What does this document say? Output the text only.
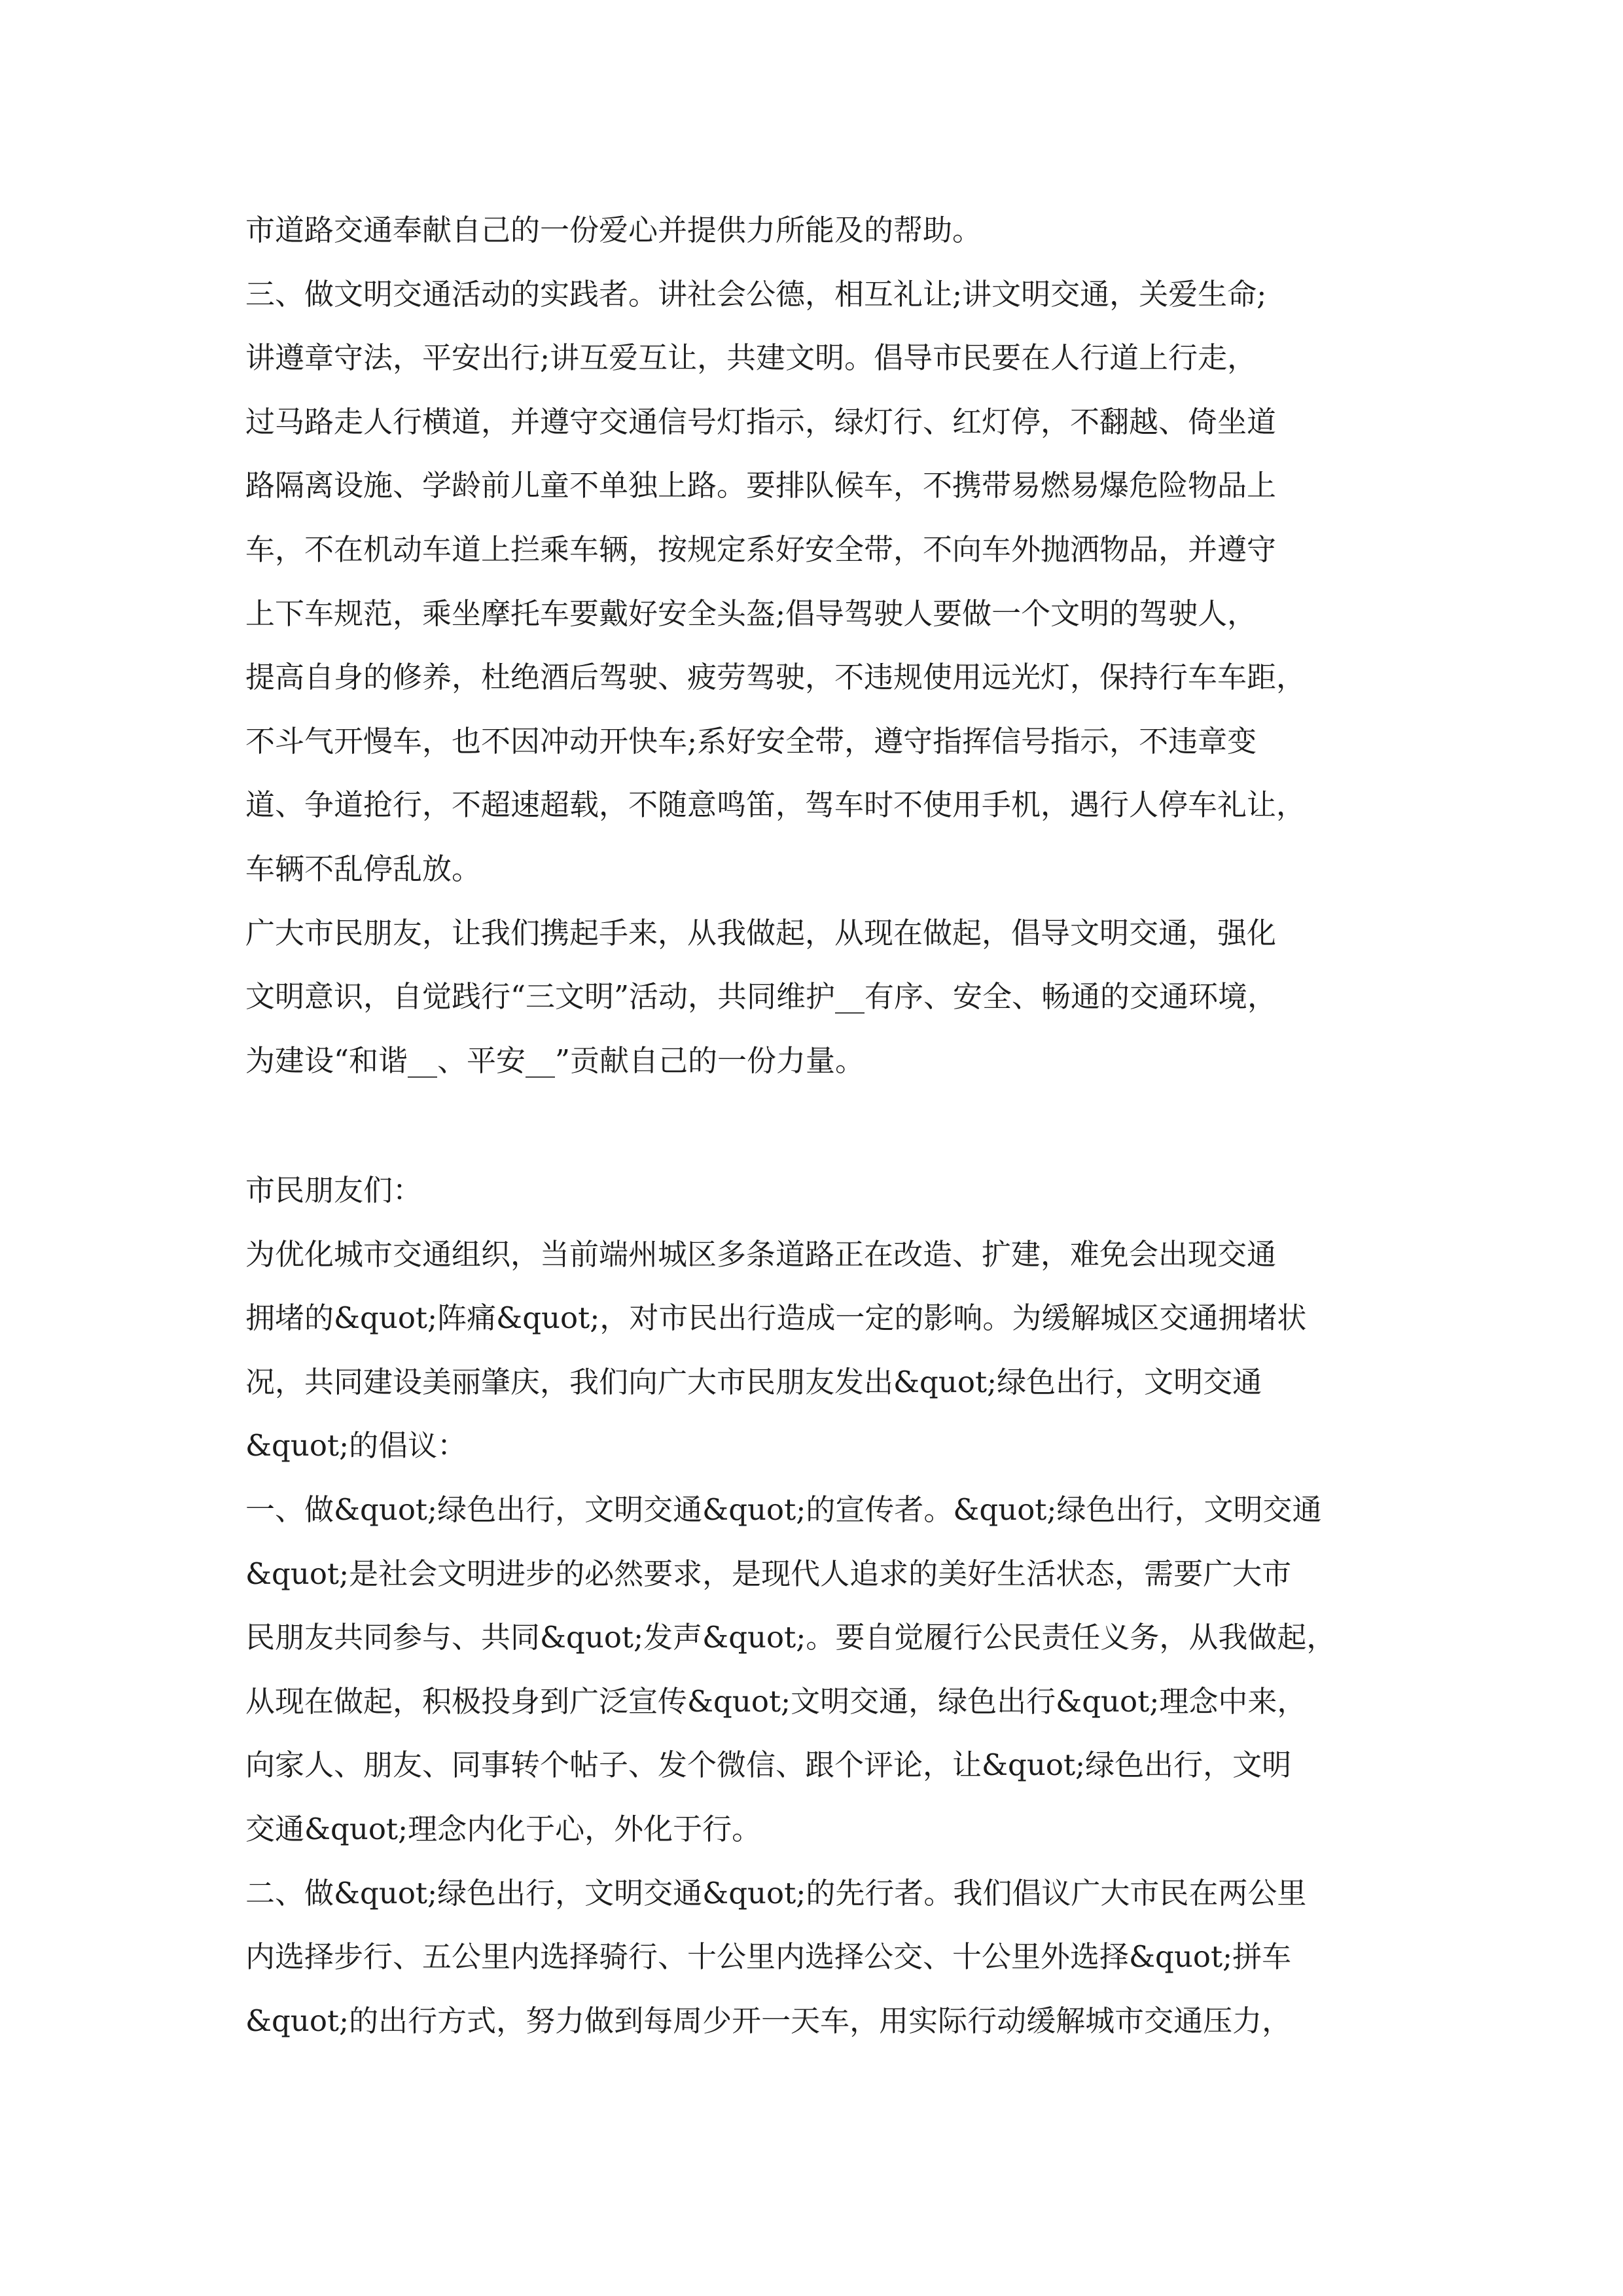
市道路交通奉献自己的一份爱心并提供力所能及的帮助。
三、做文明交通活动的实践者。讲社会公德，相互礼让;讲文明交通，关爱生命;
讲遵章守法，平安出行;讲互爱互让，共建文明。倡导市民要在人行道上行走，
过马路走人行横道，并遵守交通信号灯指示，绿灯行、红灯停，不翻越、倚坐道
路隔离设施、学龄前儿童不单独上路。要排队候车，不携带易燃易爆危险物品上
车，不在机动车道上拦乘车辆，按规定系好安全带，不向车外抛洒物品，并遵守
上下车规范，乘坐摩托车要戴好安全头盔;倡导驾驶人要做一个文明的驾驶人，
提高自身的修养，杜绝酒后驾驶、疲劳驾驶，不违规使用远光灯，保持行车车距，
不斗气开慢车，也不因冲动开快车;系好安全带，遵守指挥信号指示，不违章变
道、争道抢行，不超速超载，不随意鸣笛，驾车时不使用手机，遇行人停车礼让，
车辆不乱停乱放。
广大市民朋友，让我们携起手来，从我做起，从现在做起，倡导文明交通，强化
文明意识，自觉践行“三文明”活动，共同维护__有序、安全、畅通的交通环境，
为建设“和谐__、平安__”贡献自己的一份力量。
市民朋友们：
为优化城市交通组织，当前端州城区多条道路正在改造、扩建，难免会出现交通
拥堵的&quot;阵痛&quot;，对市民出行造成一定的影响。为缓解城区交通拥堵状
况，共同建设美丽肇庆，我们向广大市民朋友发出&quot;绿色出行，文明交通
&quot;的倡议：
一、做&quot;绿色出行，文明交通&quot;的宣传者。&quot;绿色出行，文明交通
&quot;是社会文明进步的必然要求，是现代人追求的美好生活状态，需要广大市
民朋友共同参与、共同&quot;发声&quot;。要自觉履行公民责任义务，从我做起，
从现在做起，积极投身到广泛宣传&quot;文明交通，绿色出行&quot;理念中来，
向家人、朋友、同事转个帖子、发个微信、跟个评论，让&quot;绿色出行，文明
交通&quot;理念内化于心，外化于行。
二、做&quot;绿色出行，文明交通&quot;的先行者。我们倡议广大市民在两公里
内选择步行、五公里内选择骑行、十公里内选择公交、十公里外选择&quot;拼车
&quot;的出行方式，努力做到每周少开一天车，用实际行动缓解城市交通压力，
